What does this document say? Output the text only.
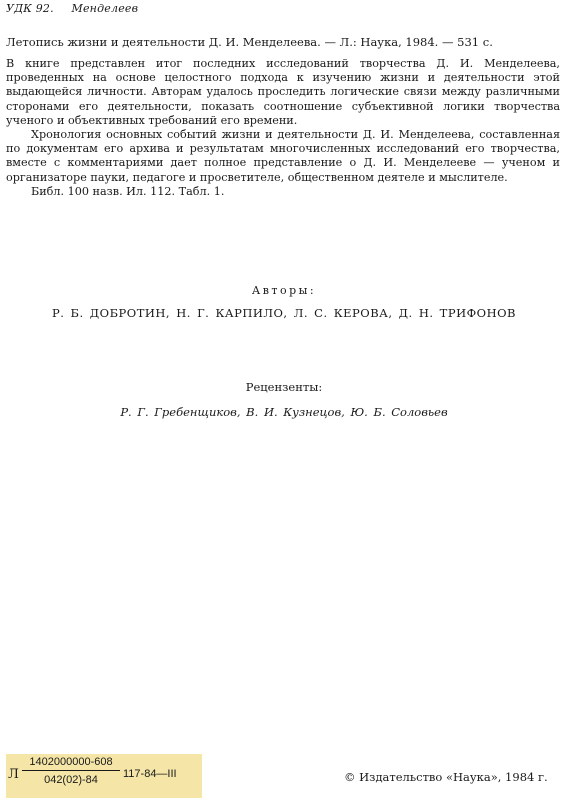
УДК 92. Менделеев
Летопись жизни и деятельности Д. И. Менделеева. — Л.: Наука, 1984. — 531 с.

В книге представлен итог последних исследований творчества Д. И. Менделеева, проведенных на основе целостного подхода к изучению жизни и деятельности этой выдающейся личности. Авторам удалось проследить логические связи между различными сторонами его деятельности, показать соотношение субъективной логики творчества ученого и объективных требований его времени.

Хронология основных событий жизни и деятельности Д. И. Менделеева, составленная по документам его архива и результатам многочисленных исследований его творчества, вместе с комментариями дает полное представление о Д. И. Менделееве — ученом и организаторе пауки, педагоге и просветителе, общественном деятеле и мыслителе.

Библ. 100 назв. Ил. 112. Табл. 1.

Авторы:
Р. Б. ДОБРОТИН, Н. Г. КАРПИЛО, Л. С. КЕРОВА, Д. Н. ТРИФОНОВ
Рецензенты:
Р. Г. Гребенщиков, В. И. Кузнецов, Ю. Б. Соловьев
Л $\frac{1402000000-608}{042(02)-84}$ 117-84—III	© Издательство «Наука», 1984 г.
